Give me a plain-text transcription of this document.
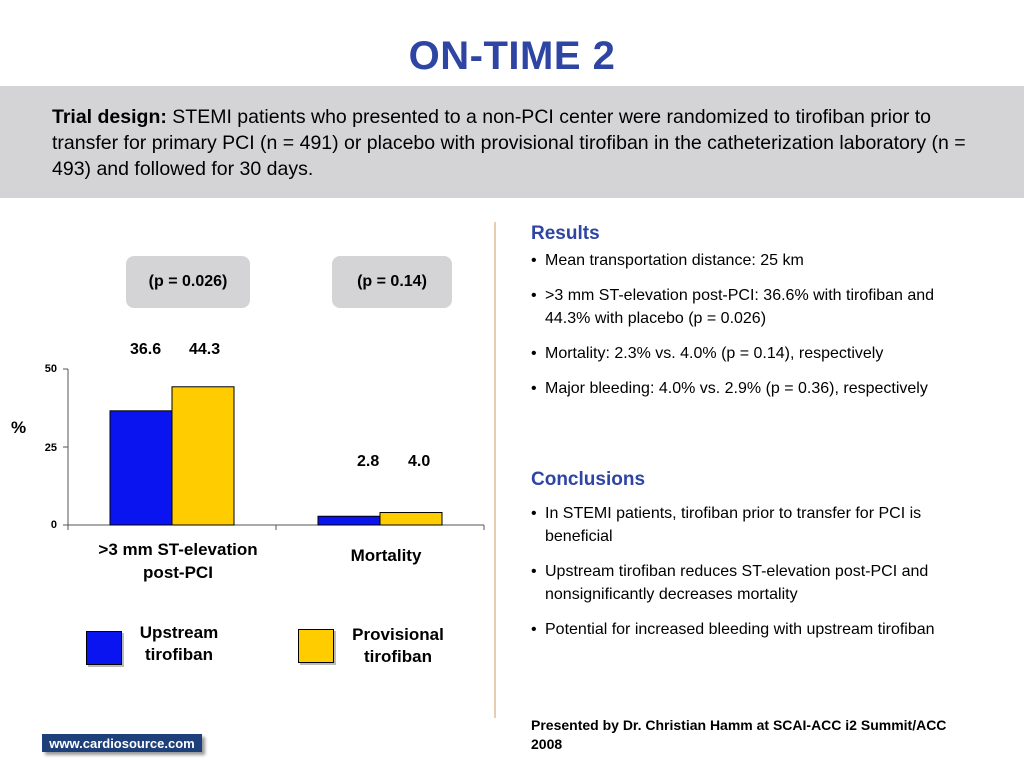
ON-TIME 2
Trial design: STEMI patients who presented to a non-PCI center were randomized to tirofiban prior to transfer for primary PCI (n = 491) or placebo with provisional tirofiban in the catheterization laboratory (n = 493) and followed for 30 days.
(p = 0.026)	(p = 0.14)
36.6 44.3
2.8 4.0
50
25
0
%
>3 mm ST-elevation post-PCI
Mortality
Upstream tirofiban
Provisional tirofiban
Results
• Mean transportation distance: 25 km
• >3 mm ST-elevation post-PCI: 36.6% with tirofiban and 44.3% with placebo (p = 0.026)
• Mortality: 2.3% vs. 4.0% (p = 0.14), respectively
• Major bleeding: 4.0% vs. 2.9% (p = 0.36), respectively
Conclusions
• In STEMI patients, tirofiban prior to transfer for PCI is beneficial
• Upstream tirofiban reduces ST-elevation post-PCI and nonsignificantly decreases mortality
• Potential for increased bleeding with upstream tirofiban
Presented by Dr. Christian Hamm at SCAI-ACC i2 Summit/ACC 2008
www.cardiosource.com
